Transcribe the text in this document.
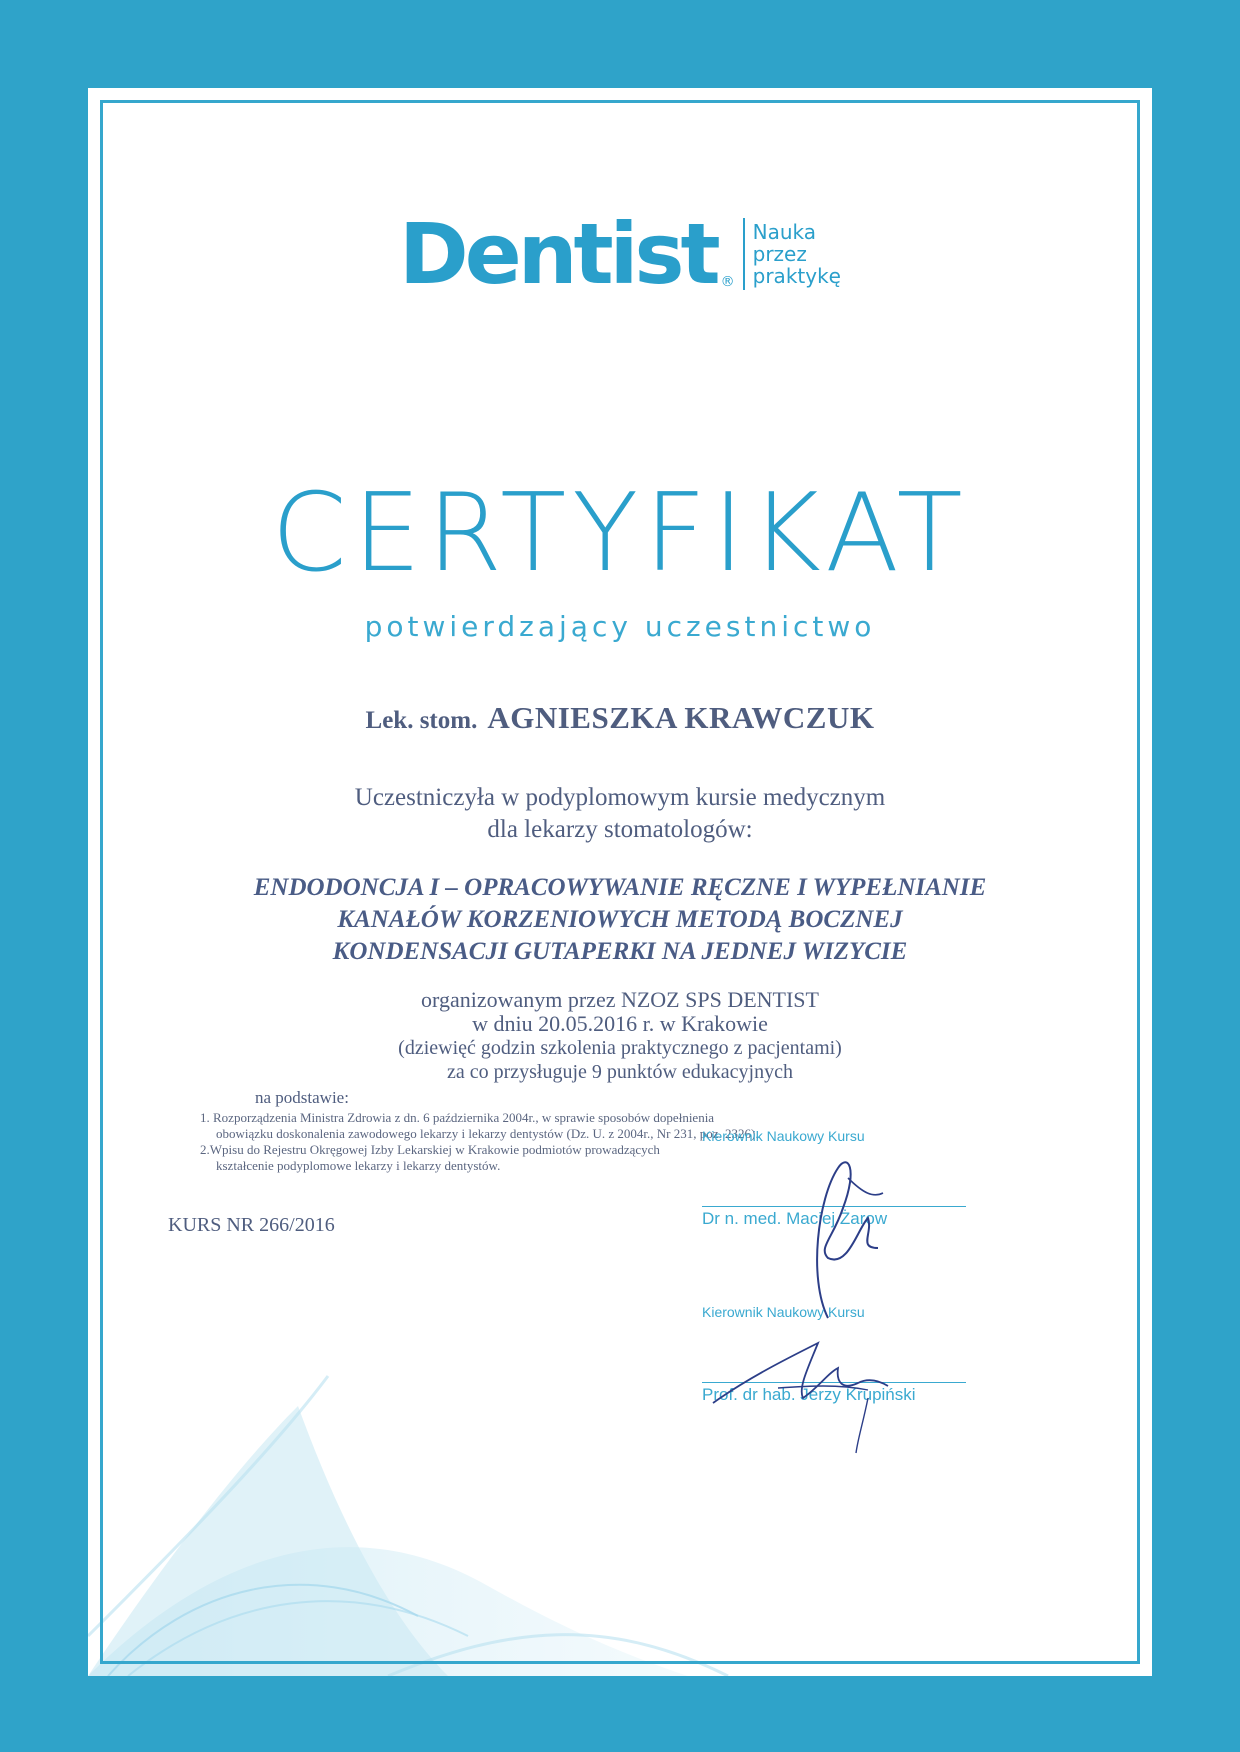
Dentist ®
Nauka
przez
praktykę
CERTYFIKAT
potwierdzający uczestnictwo
Lek. stom. AGNIESZKA KRAWCZUK
Uczestniczyła w podyplomowym kursie medycznym
dla lekarzy stomatologów:
ENDODONCJA I – OPRACOWYWANIE RĘCZNE I WYPEŁNIANIE
KANAŁÓW KORZENIOWYCH METODĄ BOCZNEJ
KONDENSACJI GUTAPERKI NA JEDNEJ WIZYCIE
organizowanym przez NZOZ SPS DENTIST
w dniu 20.05.2016 r. w Krakowie
(dziewięć godzin szkolenia praktycznego z pacjentami)
za co przysługuje 9 punktów edukacyjnych
na podstawie:
1. Rozporządzenia Ministra Zdrowia z dn. 6 października 2004r., w sprawie sposobów dopełnienia
obowiązku doskonalenia zawodowego lekarzy i lekarzy dentystów (Dz. U. z 2004r., Nr 231, poz. 2326).
2.Wpisu do Rejestru Okręgowej Izby Lekarskiej w Krakowie podmiotów prowadzących
kształcenie podyplomowe lekarzy i lekarzy dentystów.
KURS NR 266/2016
Kierownik Naukowy Kursu
Dr n. med. Maciej Żarow
Kierownik Naukowy Kursu
Prof. dr hab. Jerzy Krupiński
